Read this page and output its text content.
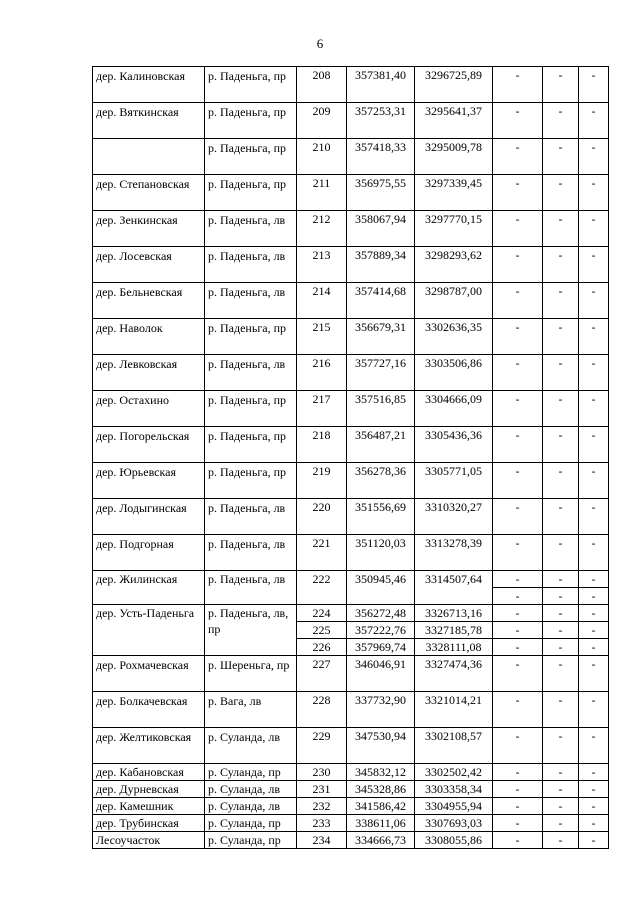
6
дер. Калиновская	р. Паденьга, пр	208	357381,40	3296725,89	-	-	-
дер. Вяткинская	р. Паденьга, пр	209	357253,31	3295641,37	-	-	-
	р. Паденьга, пр	210	357418,33	3295009,78	-	-	-
дер. Степановская	р. Паденьга, пр	211	356975,55	3297339,45	-	-	-
дер. Зенкинская	р. Паденьга, лв	212	358067,94	3297770,15	-	-	-
дер. Лосевская	р. Паденьга, лв	213	357889,34	3298293,62	-	-	-
дер. Бельневская	р. Паденьга, лв	214	357414,68	3298787,00	-	-	-
дер. Наволок	р. Паденьга, пр	215	356679,31	3302636,35	-	-	-
дер. Левковская	р. Паденьга, лв	216	357727,16	3303506,86	-	-	-
дер. Остахино	р. Паденьга, пр	217	357516,85	3304666,09	-	-	-
дер. Погорельская	р. Паденьга, пр	218	356487,21	3305436,36	-	-	-
дер. Юрьевская	р. Паденьга, пр	219	356278,36	3305771,05	-	-	-
дер. Лодыгинская	р. Паденьга, лв	220	351556,69	3310320,27	-	-	-
дер. Подгорная	р. Паденьга, лв	221	351120,03	3313278,39	-	-	-
дер. Жилинская	р. Паденьга, лв	222	350945,46	3314507,64	-	-	-
					-	-	-
дер. Усть-Паденьга	р. Паденьга, лв, пр	224	356272,48	3326713,16	-	-	-
		225	357222,76	3327185,78	-	-	-
		226	357969,74	3328111,08	-	-	-
дер. Рохмачевская	р. Шереньга, пр	227	346046,91	3327474,36	-	-	-
дер. Болкачевская	р. Вага, лв	228	337732,90	3321014,21	-	-	-
дер. Желтиковская	р. Суланда, лв	229	347530,94	3302108,57	-	-	-
дер. Кабановская	р. Суланда, пр	230	345832,12	3302502,42	-	-	-
дер. Дурневская	р. Суланда, лв	231	345328,86	3303358,34	-	-	-
дер. Камешник	р. Суланда, лв	232	341586,42	3304955,94	-	-	-
дер. Трубинская	р. Суланда, пр	233	338611,06	3307693,03	-	-	-
Лесоучасток	р. Суланда, пр	234	334666,73	3308055,86	-	-	-
